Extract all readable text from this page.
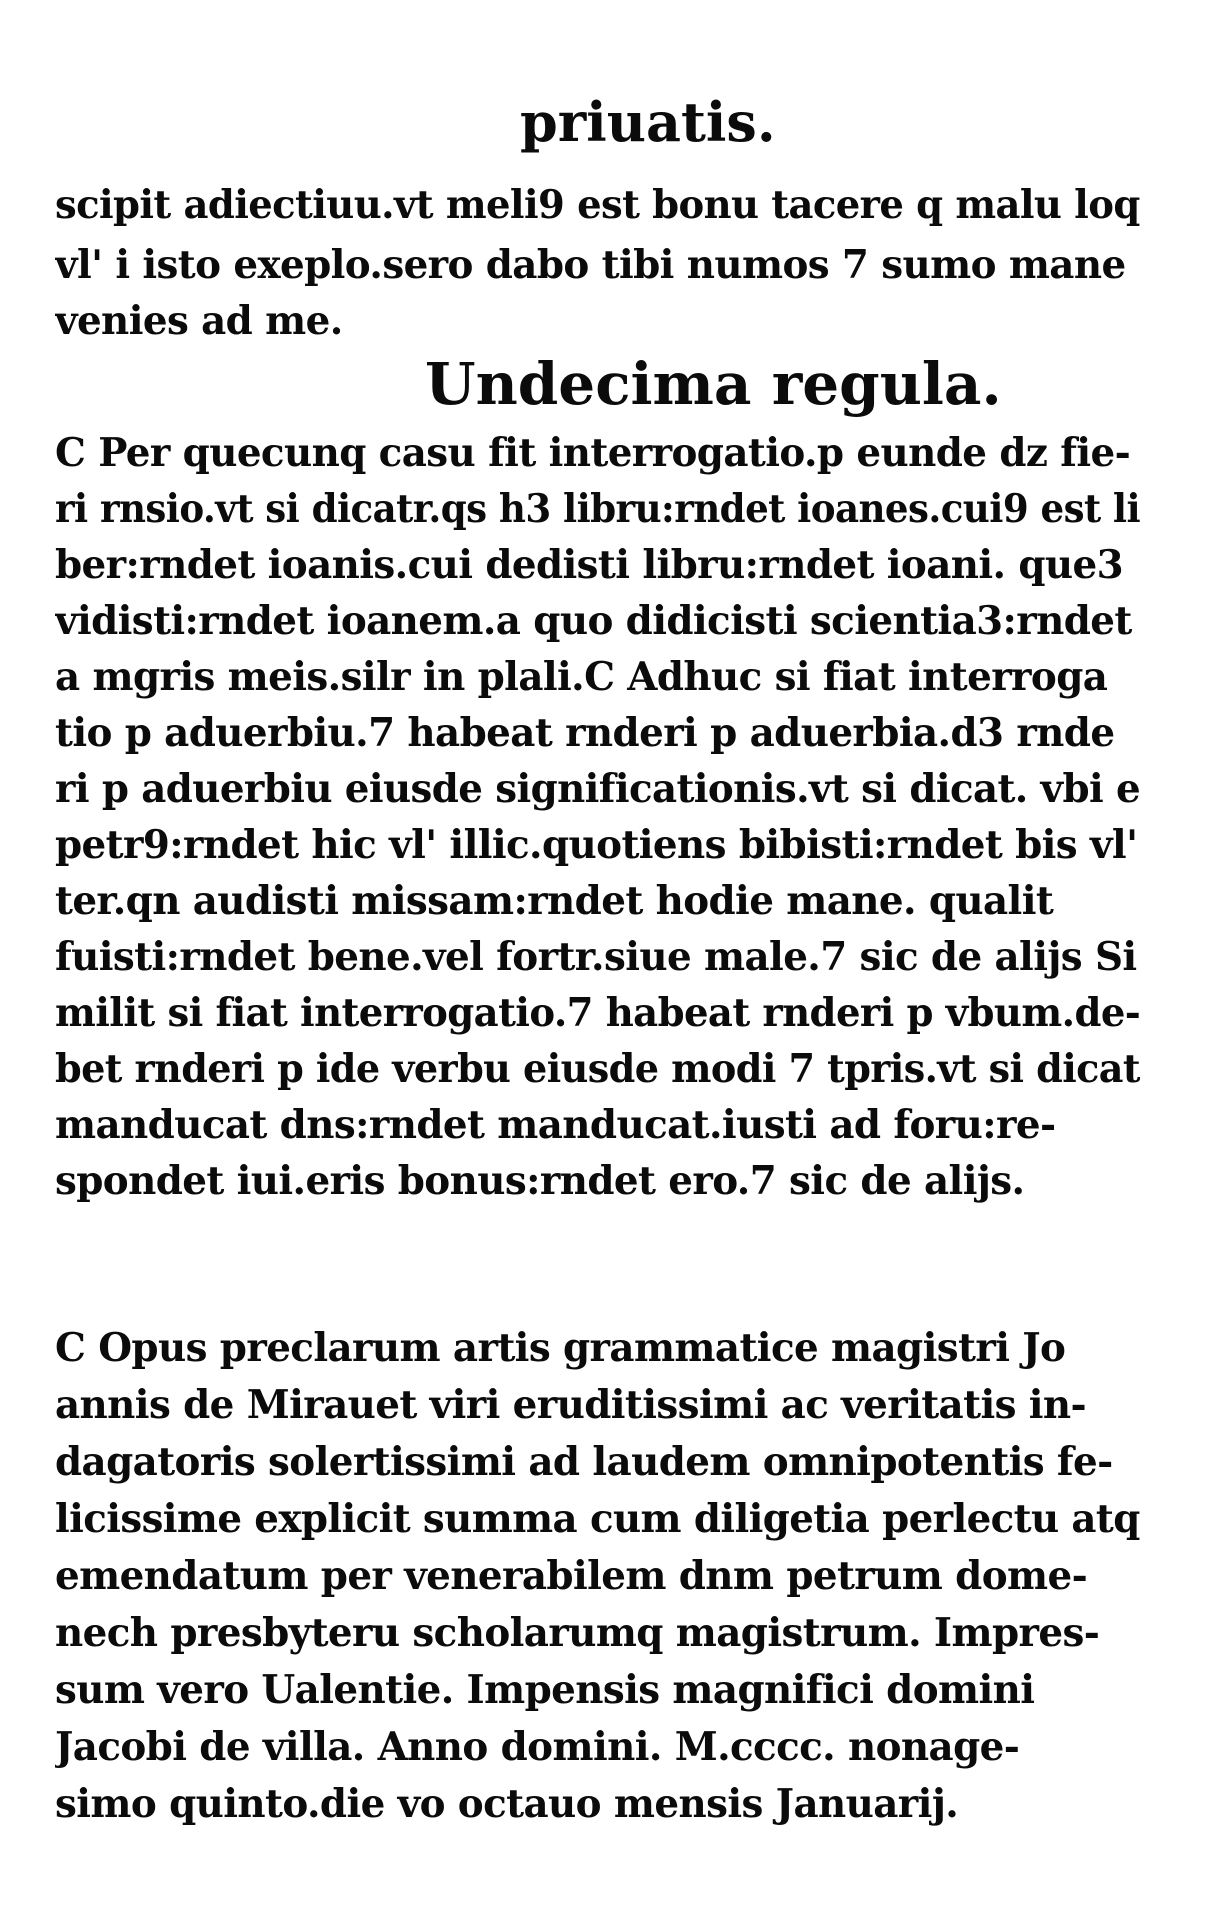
priuatis.
scipit adiectiuu.vt meli9 est bonu tacere q malu loq
vl' i isto exeplo.sero dabo tibi numos 7 sumo mane
venies ad me.
Undecima regula.
C Per quecunq casu fit interrogatio.p eunde dz fie-
ri rnsio.vt si dicatr.qs h3 libru:rndet ioanes.cui9 est li
ber:rndet ioanis.cui dedisti libru:rndet ioani. que3
vidisti:rndet ioanem.a quo didicisti scientia3:rndet
a mgris meis.silr in plali.C Adhuc si fiat interroga
tio p aduerbiu.7 habeat rnderi p aduerbia.d3 rnde
ri p aduerbiu eiusde significationis.vt si dicat. vbi e
petr9:rndet hic vl' illic.quotiens bibisti:rndet bis vl'
ter.qn audisti missam:rndet hodie mane. qualit
fuisti:rndet bene.vel fortr.siue male.7 sic de alijs Si
milit si fiat interrogatio.7 habeat rnderi p vbum.de-
bet rnderi p ide verbu eiusde modi 7 tpris.vt si dicat
manducat dns:rndet manducat.iusti ad foru:re-
spondet iui.eris bonus:rndet ero.7 sic de alijs.
C Opus preclarum artis grammatice magistri Jo
annis de Mirauet viri eruditissimi ac veritatis in-
dagatoris solertissimi ad laudem omnipotentis fe-
licissime explicit summa cum diligetia perlectu atq
emendatum per venerabilem dnm petrum dome-
nech presbyteru scholarumq magistrum. Impres-
sum vero Ualentie. Impensis magnifici domini
Jacobi de villa. Anno domini. M.cccc. nonage-
simo quinto.die vo octauo mensis Januarij.
